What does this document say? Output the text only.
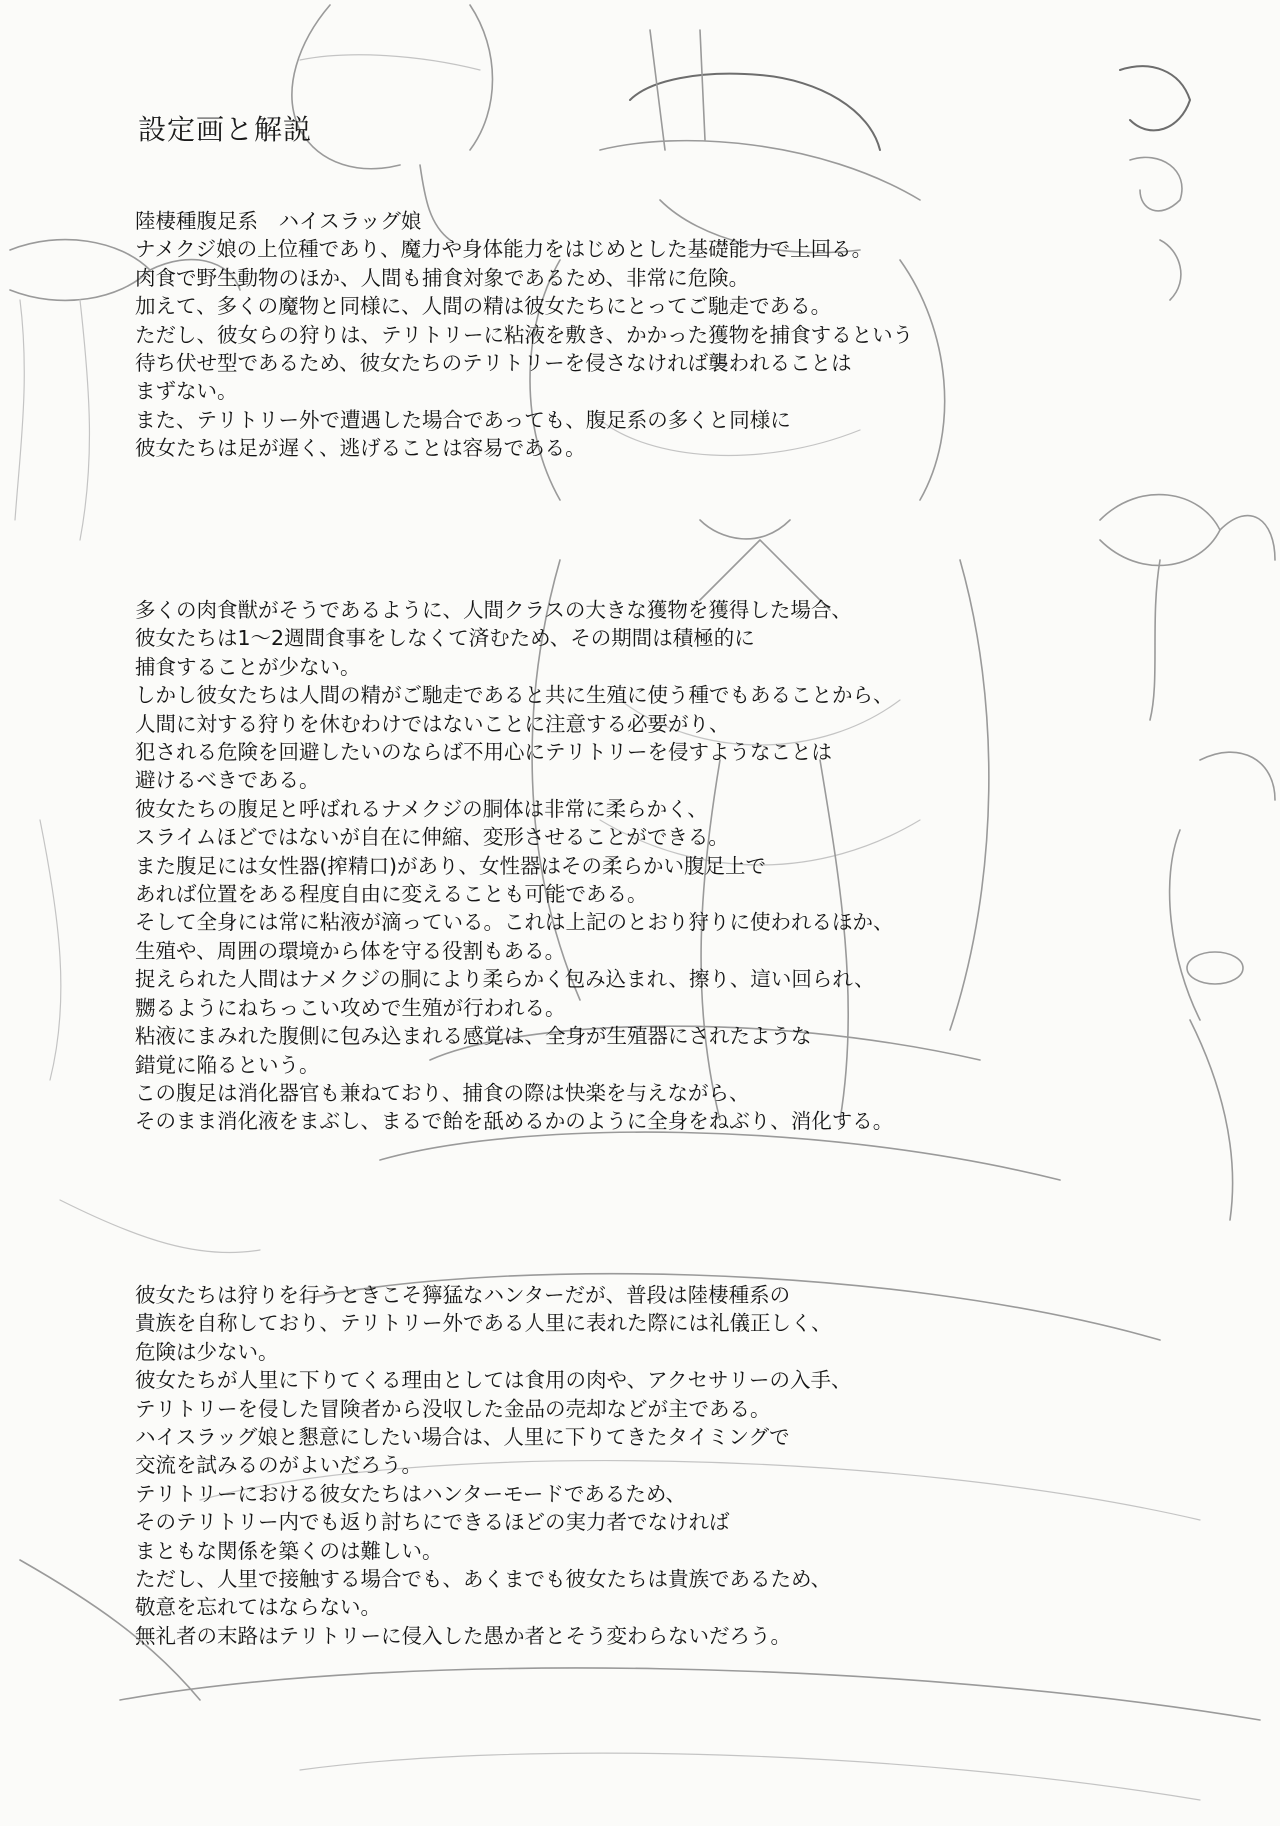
設定画と解説
陸棲種腹足系　ハイスラッグ娘
ナメクジ娘の上位種であり、魔力や身体能力をはじめとした基礎能力で上回る。
肉食で野生動物のほか、人間も捕食対象であるため、非常に危険。
加えて、多くの魔物と同様に、人間の精は彼女たちにとってご馳走である。
ただし、彼女らの狩りは、テリトリーに粘液を敷き、かかった獲物を捕食するという
待ち伏せ型であるため、彼女たちのテリトリーを侵さなければ襲われることは
まずない。
また、テリトリー外で遭遇した場合であっても、腹足系の多くと同様に
彼女たちは足が遅く、逃げることは容易である。
多くの肉食獣がそうであるように、人間クラスの大きな獲物を獲得した場合、
彼女たちは1～2週間食事をしなくて済むため、その期間は積極的に
捕食することが少ない。
しかし彼女たちは人間の精がご馳走であると共に生殖に使う種でもあることから、
人間に対する狩りを休むわけではないことに注意する必要がり、
犯される危険を回避したいのならば不用心にテリトリーを侵すようなことは
避けるべきである。
彼女たちの腹足と呼ばれるナメクジの胴体は非常に柔らかく、
スライムほどではないが自在に伸縮、変形させることができる。
また腹足には女性器(搾精口)があり、女性器はその柔らかい腹足上で
あれば位置をある程度自由に変えることも可能である。
そして全身には常に粘液が滴っている。これは上記のとおり狩りに使われるほか、
生殖や、周囲の環境から体を守る役割もある。
捉えられた人間はナメクジの胴により柔らかく包み込まれ、擦り、這い回られ、
嬲るようにねちっこい攻めで生殖が行われる。
粘液にまみれた腹側に包み込まれる感覚は、全身が生殖器にされたような
錯覚に陥るという。
この腹足は消化器官も兼ねており、捕食の際は快楽を与えながら、
そのまま消化液をまぶし、まるで飴を舐めるかのように全身をねぶり、消化する。
彼女たちは狩りを行うときこそ獰猛なハンターだが、普段は陸棲種系の
貴族を自称しており、テリトリー外である人里に表れた際には礼儀正しく、
危険は少ない。
彼女たちが人里に下りてくる理由としては食用の肉や、アクセサリーの入手、
テリトリーを侵した冒険者から没収した金品の売却などが主である。
ハイスラッグ娘と懇意にしたい場合は、人里に下りてきたタイミングで
交流を試みるのがよいだろう。
テリトリーにおける彼女たちはハンターモードであるため、
そのテリトリー内でも返り討ちにできるほどの実力者でなければ
まともな関係を築くのは難しい。
ただし、人里で接触する場合でも、あくまでも彼女たちは貴族であるため、
敬意を忘れてはならない。
無礼者の末路はテリトリーに侵入した愚か者とそう変わらないだろう。
